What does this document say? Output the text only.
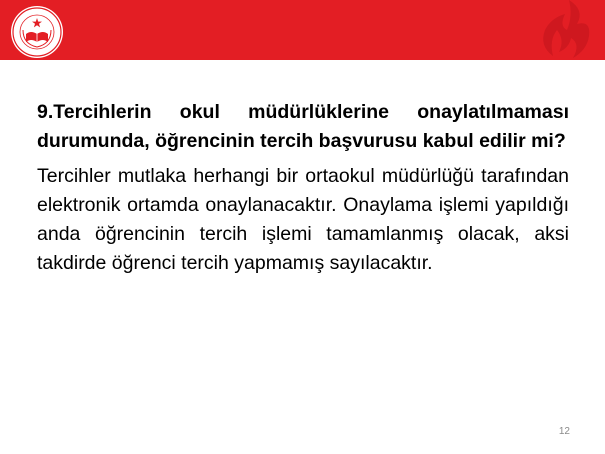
9.Tercihlerin okul müdürlüklerine onaylatılmaması durumunda, öğrencinin tercih başvurusu kabul edilir mi?

Tercihler mutlaka herhangi bir ortaokul müdürlüğü tarafından elektronik ortamda onaylanacaktır. Onaylama işlemi yapıldığı anda öğrencinin tercih işlemi tamamlanmış olacak, aksi takdirde öğrenci tercih yapmamış sayılacaktır.

12
